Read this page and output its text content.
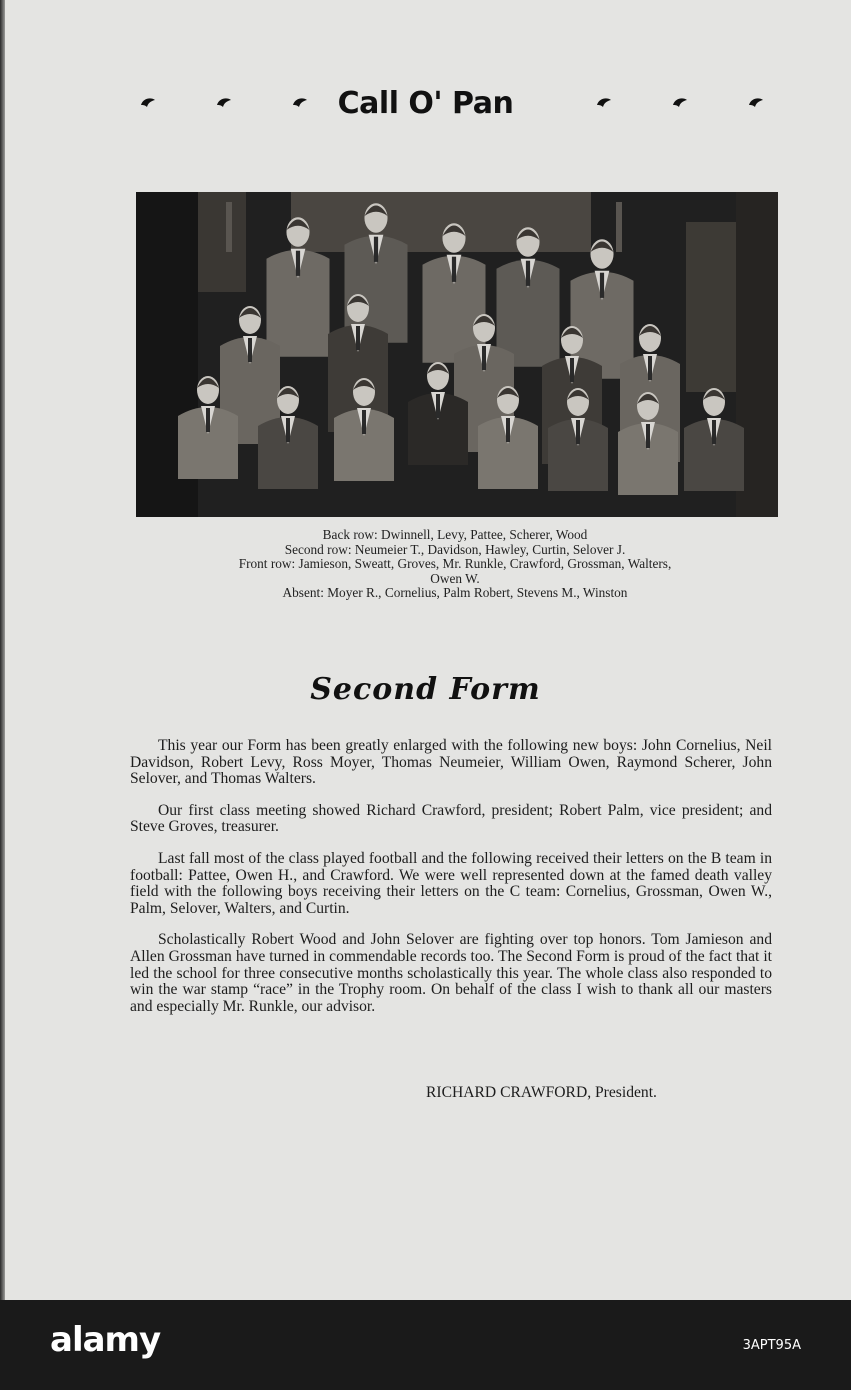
Call O' Pan
Back row: Dwinnell, Levy, Pattee, Scherer, Wood
Second row: Neumeier T., Davidson, Hawley, Curtin, Selover J.
Front row: Jamieson, Sweatt, Groves, Mr. Runkle, Crawford, Grossman, Walters,
Owen W.
Absent: Moyer R., Cornelius, Palm Robert, Stevens M., Winston
Second Form

This year our Form has been greatly enlarged with the following new boys: John Cornelius, Neil Davidson, Robert Levy, Ross Moyer, Thomas Neumeier, William Owen, Raymond Scherer, John Selover, and Thomas Walters.

Our first class meeting showed Richard Crawford, president; Robert Palm, vice president; and Steve Groves, treasurer.

Last fall most of the class played football and the following received their letters on the B team in football: Pattee, Owen H., and Crawford. We were well represented down at the famed death valley field with the following boys receiving their letters on the C team: Cornelius, Grossman, Owen W., Palm, Selover, Walters, and Curtin.

Scholastically Robert Wood and John Selover are fighting over top honors. Tom Jamieson and Allen Grossman have turned in commendable records too. The Second Form is proud of the fact that it led the school for three consecutive months scholastically this year. The whole class also responded to win the war stamp “race” in the Trophy room. On behalf of the class I wish to thank all our masters and especially Mr. Runkle, our advisor.

RICHARD CRAWFORD, President.
alamy	3APT95A
